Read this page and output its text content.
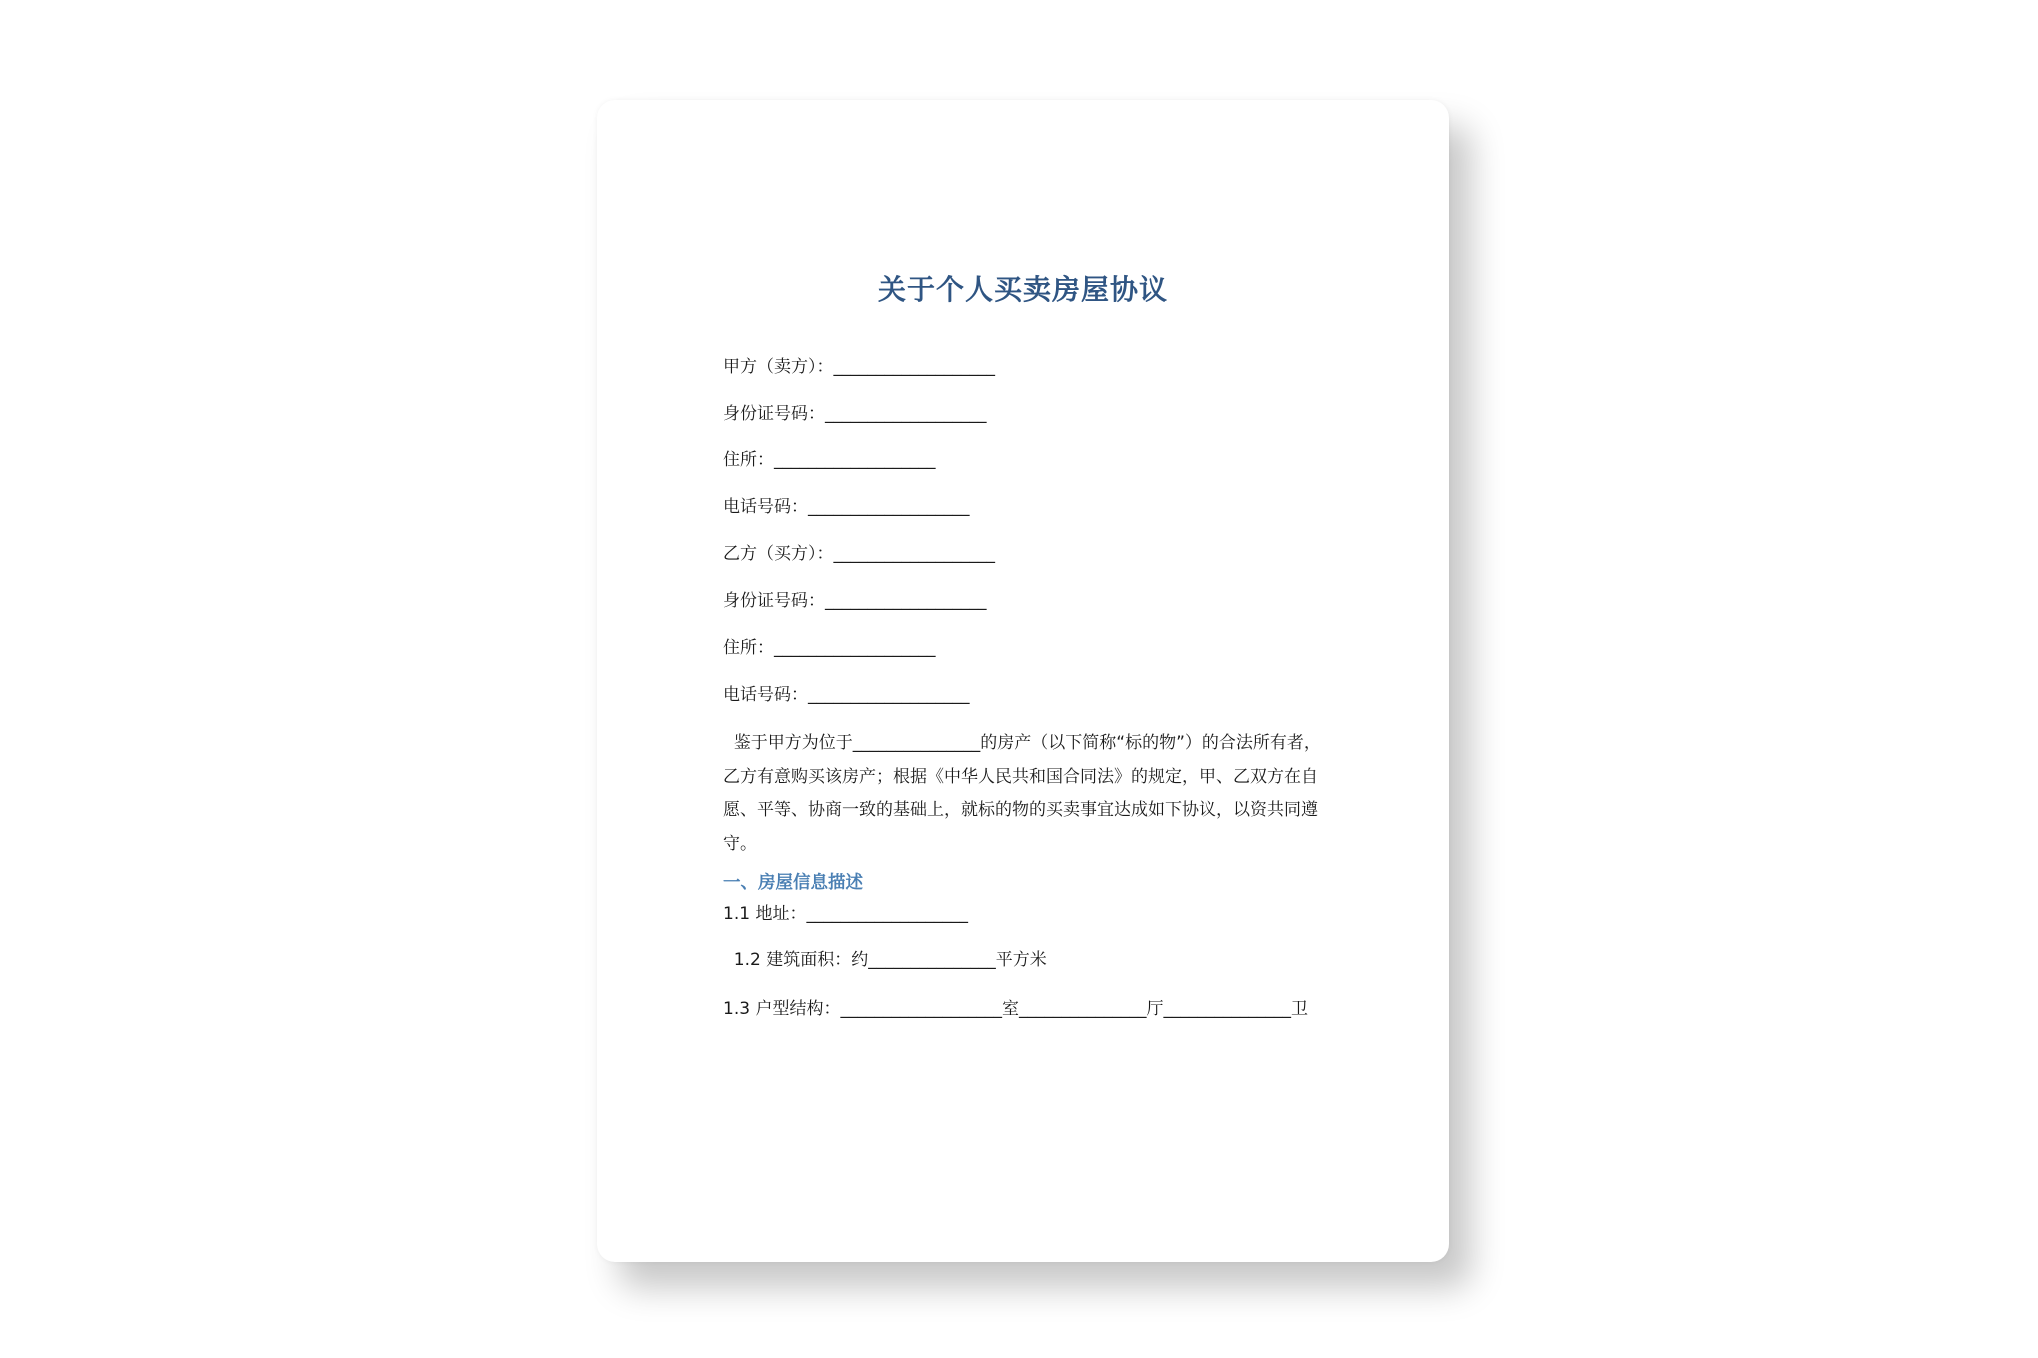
关于个人买卖房屋协议

甲方（卖方）：___________________

身份证号码：___________________

住所：___________________

电话号码：___________________

乙方（买方）：___________________

身份证号码：___________________

住所：___________________

电话号码：___________________

鉴于甲方为位于_______________的房产（以下简称“标的物”）的合法所有者，乙方有意购买该房产；根据《中华人民共和国合同法》的规定，甲、乙双方在自愿、平等、协商一致的基础上，就标的物的买卖事宜达成如下协议，以资共同遵守。

一、房屋信息描述

1.1 地址：___________________

1.2 建筑面积：约_______________平方米

1.3 户型结构：___________________室_______________厅_______________卫
